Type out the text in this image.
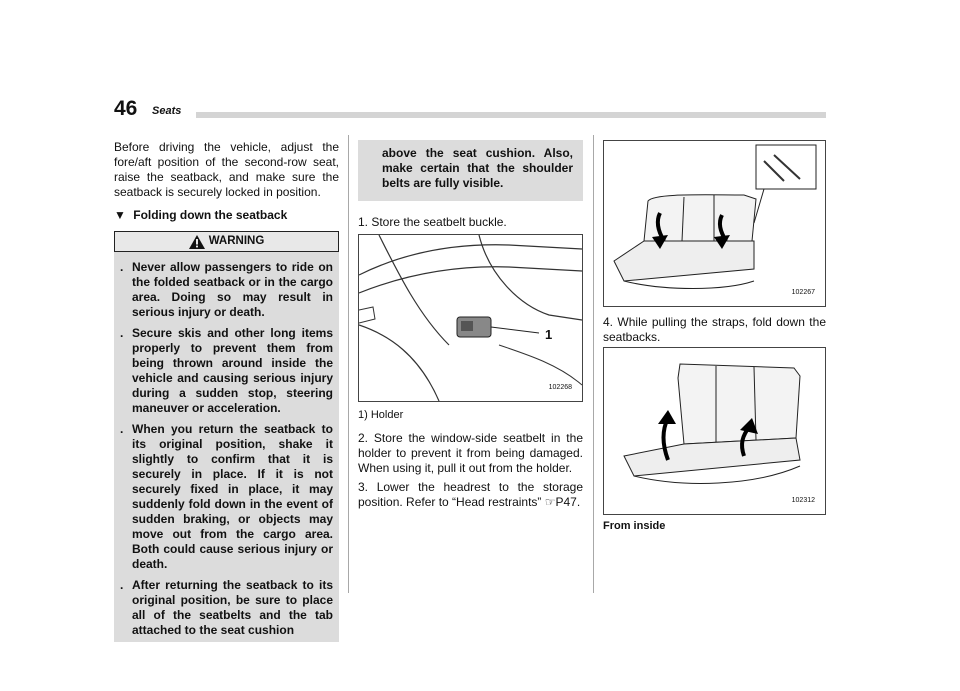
46 Seats

Before driving the vehicle, adjust the fore/aft position of the second-row seat, raise the seatback, and make sure the seatback is securely locked in position.

▼ Folding down the seatback
WARNING
. Never allow passengers to ride on the folded seatback or in the cargo area. Doing so may result in serious injury or death.
. Secure skis and other long items properly to prevent them from being thrown around inside the vehicle and causing serious injury during a sudden stop, steering maneuver or acceleration.
. When you return the seatback to its original position, shake it slightly to confirm that it is securely in place. If it is not securely fixed in place, it may suddenly fold down in the event of sudden braking, or objects may move out from the cargo area. Both could cause serious injury or death.
. After returning the seatback to its original position, be sure to place all of the seatbelts and the tab attached to the seat cushion
above the seat cushion. Also, make certain that the shoulder belts are fully visible.

1. Store the seatbelt buckle.

1
102268

1) Holder

2. Store the window-side seatbelt in the holder to prevent it from being damaged. When using it, pull it out from the holder.

3. Lower the headrest to the storage position. Refer to “Head restraints” ☞P47.

102267

4. While pulling the straps, fold down the seatbacks.

102312

From inside
